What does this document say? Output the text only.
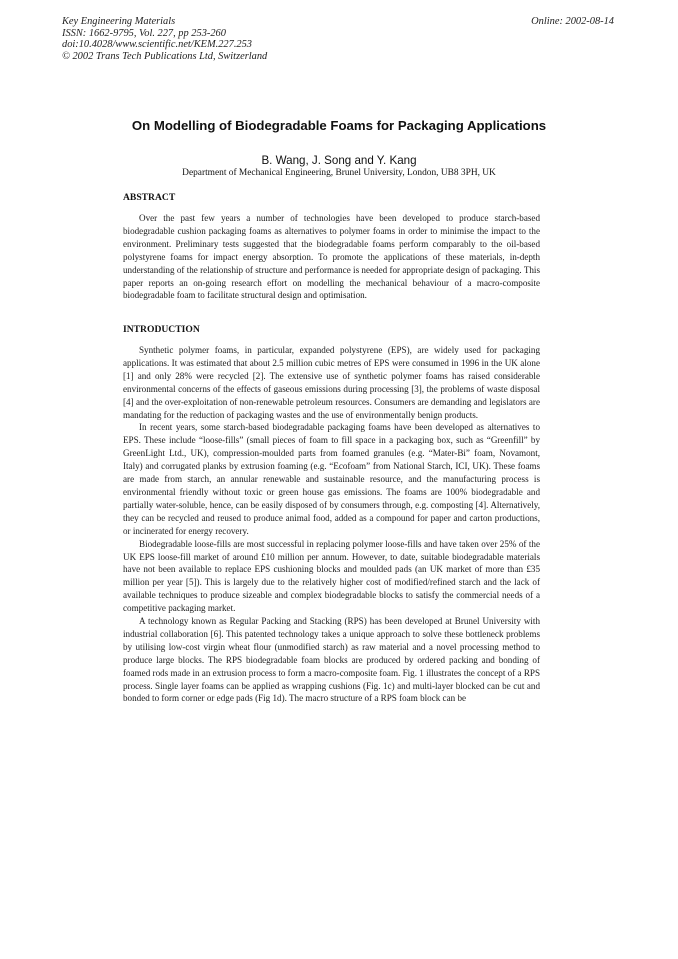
Key Engineering Materials
ISSN: 1662-9795, Vol. 227, pp 253-260
doi:10.4028/www.scientific.net/KEM.227.253
© 2002 Trans Tech Publications Ltd, Switzerland
Online: 2002-08-14
On Modelling of Biodegradable Foams for Packaging Applications
B. Wang, J. Song and Y. Kang
Department of Mechanical Engineering, Brunel University, London, UB8 3PH, UK
ABSTRACT

Over the past few years a number of technologies have been developed to produce starch-based biodegradable cushion packaging foams as alternatives to polymer foams in order to minimise the impact to the environment. Preliminary tests suggested that the biodegradable foams perform comparably to the oil-based polystyrene foams for impact energy absorption. To promote the applications of these materials, in-depth understanding of the relationship of structure and performance is needed for appropriate design of packaging. This paper reports an on-going research effort on modelling the mechanical behaviour of a macro-composite biodegradable foam to facilitate structural design and optimisation.

INTRODUCTION

Synthetic polymer foams, in particular, expanded polystyrene (EPS), are widely used for packaging applications. It was estimated that about 2.5 million cubic metres of EPS were consumed in 1996 in the UK alone [1] and only 28% were recycled [2]. The extensive use of synthetic polymer foams has raised considerable environmental concerns of the effects of gaseous emissions during processing [3], the problems of waste disposal [4] and the over-exploitation of non-renewable petroleum resources. Consumers are demanding and legislators are mandating for the reduction of packaging wastes and the use of environmentally benign products.

In recent years, some starch-based biodegradable packaging foams have been developed as alternatives to EPS. These include “loose-fills” (small pieces of foam to fill space in a packaging box, such as “Greenfill” by GreenLight Ltd., UK), compression-moulded parts from foamed granules (e.g. “Mater-Bi” foam, Novamont, Italy) and corrugated planks by extrusion foaming (e.g. “Ecofoam” from National Starch, ICI, UK). These foams are made from starch, an annular renewable and sustainable resource, and the manufacturing process is environmental friendly without toxic or green house gas emissions. The foams are 100% biodegradable and partially water-soluble, hence, can be easily disposed of by consumers through, e.g. composting [4]. Alternatively, they can be recycled and reused to produce animal food, added as a compound for paper and carton productions, or incinerated for energy recovery.

Biodegradable loose-fills are most successful in replacing polymer loose-fills and have taken over 25% of the UK EPS loose-fill market of around £10 million per annum. However, to date, suitable biodegradable materials have not been available to replace EPS cushioning blocks and moulded pads (an UK market of more than £35 million per year [5]). This is largely due to the relatively higher cost of modified/refined starch and the lack of available techniques to produce sizeable and complex biodegradable blocks to satisfy the commercial needs of a competitive packaging market.

A technology known as Regular Packing and Stacking (RPS) has been developed at Brunel University with industrial collaboration [6]. This patented technology takes a unique approach to solve these bottleneck problems by utilising low-cost virgin wheat flour (unmodified starch) as raw material and a novel processing method to produce large blocks. The RPS biodegradable foam blocks are produced by ordered packing and bonding of foamed rods made in an extrusion process to form a macro-composite foam. Fig. 1 illustrates the concept of a RPS process. Single layer foams can be applied as wrapping cushions (Fig. 1c) and multi-layer blocked can be cut and bonded to form corner or edge pads (Fig 1d). The macro structure of a RPS foam block can be
